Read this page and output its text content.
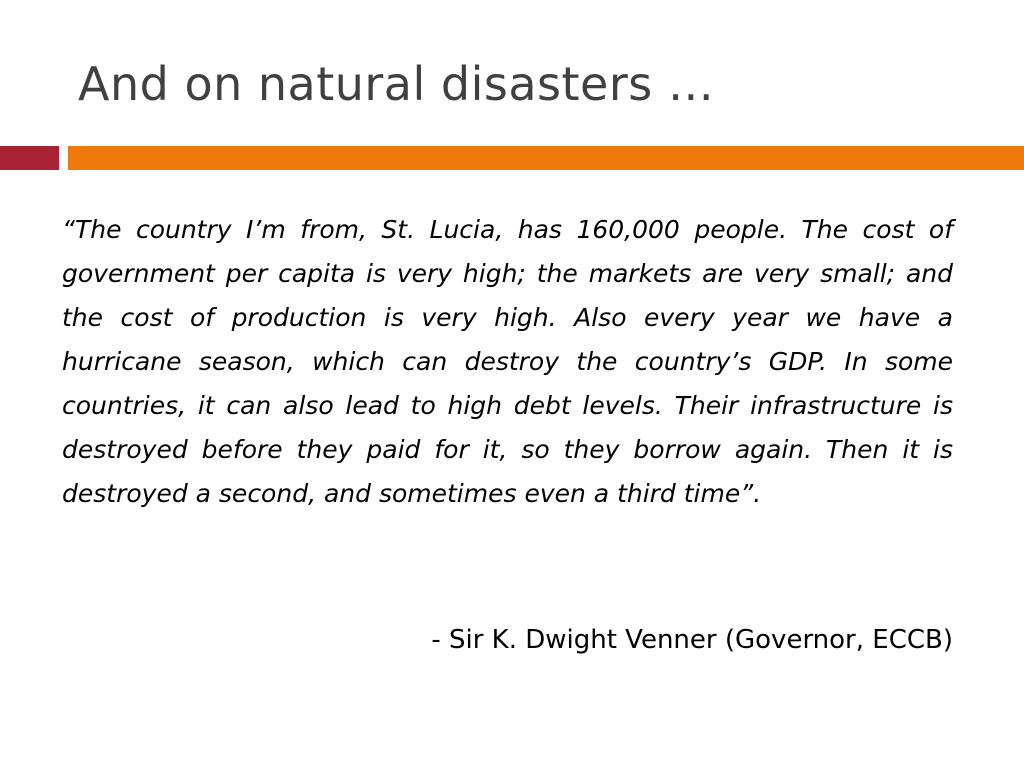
And on natural disasters …

“The country I’m from, St. Lucia, has 160,000 people. The cost of government per capita is very high; the markets are very small; and the cost of production is very high. Also every year we have a hurricane season, which can destroy the country’s GDP. In some countries, it can also lead to high debt levels. Their infrastructure is destroyed before they paid for it, so they borrow again. Then it is destroyed a second, and sometimes even a third time”.

- Sir K. Dwight Venner (Governor, ECCB)
